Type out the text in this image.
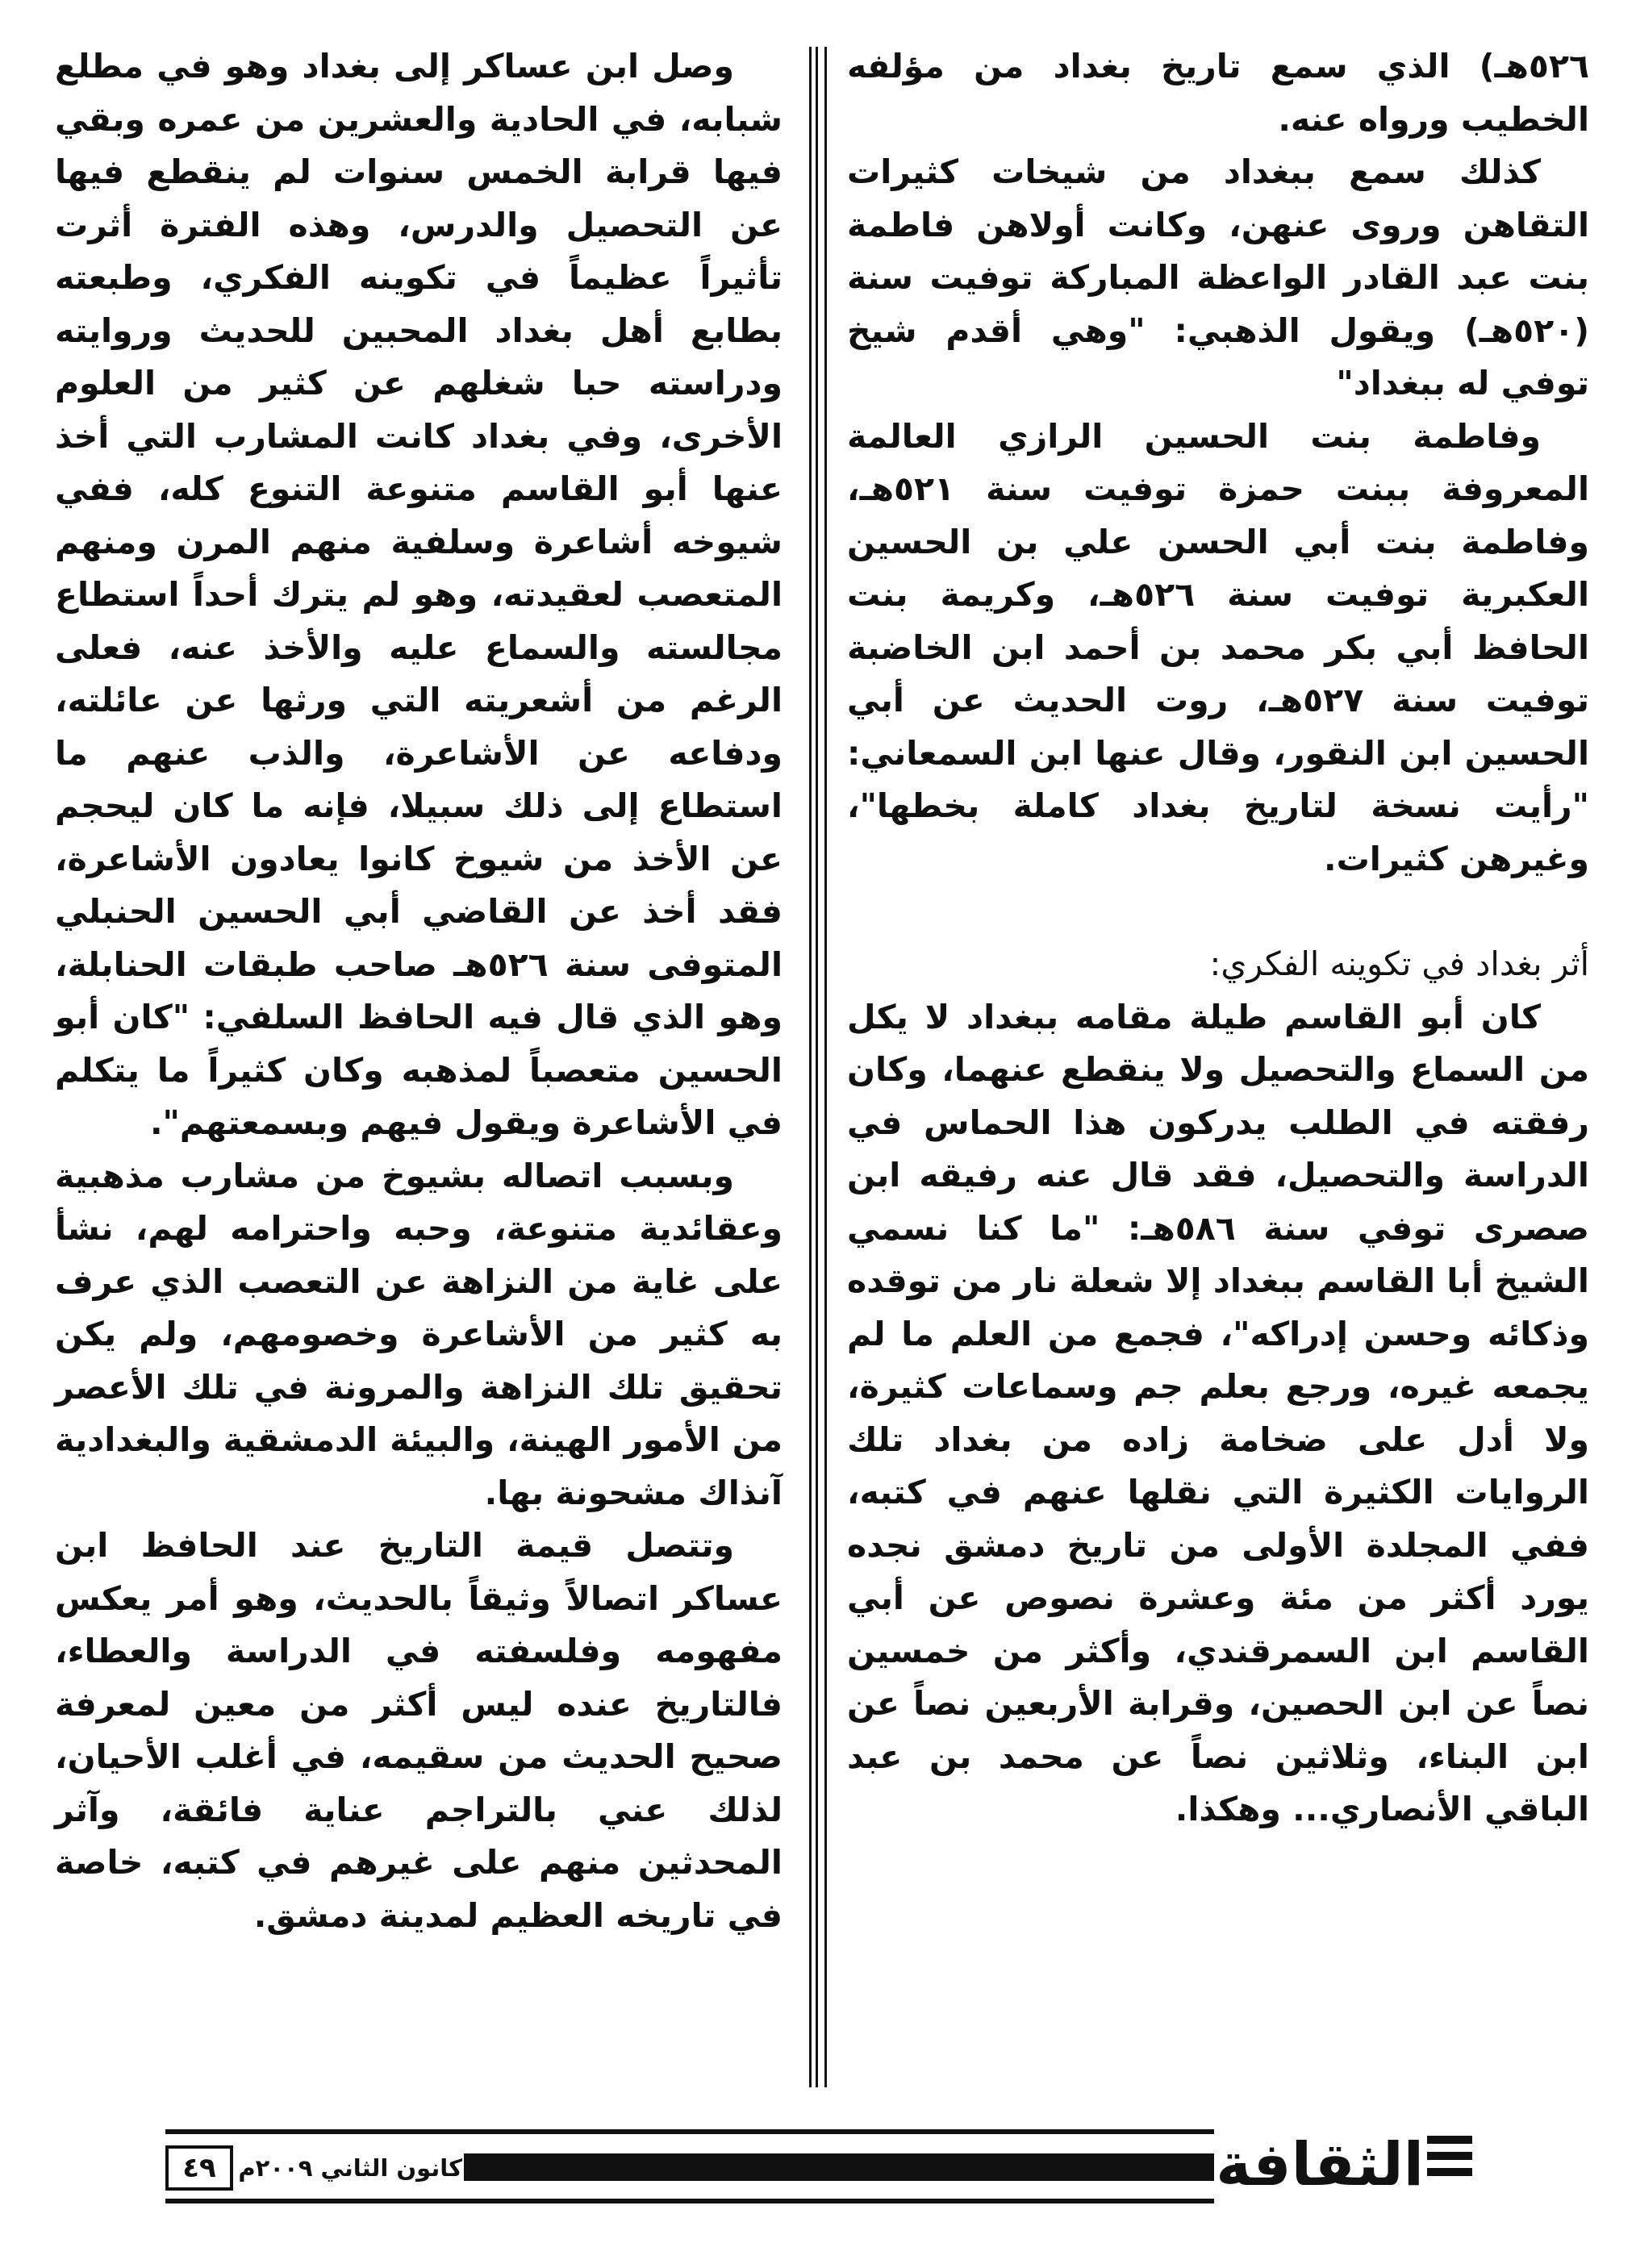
٥٢٦هـ) الذي سمع تاريخ بغداد من مؤلفه الخطيب ورواه عنه.

كذلك سمع ببغداد من شيخات كثيرات التقاهن وروى عنهن، وكانت أولاهن فاطمة بنت عبد القادر الواعظة المباركة توفيت سنة (٥٢٠هـ) ويقول الذهبي: "وهي أقدم شيخ توفي له ببغداد"

وفاطمة بنت الحسين الرازي العالمة المعروفة ببنت حمزة توفيت سنة ٥٢١هـ، وفاطمة بنت أبي الحسن علي بن الحسين العكبرية توفيت سنة ٥٢٦هـ، وكريمة بنت الحافظ أبي بكر محمد بن أحمد ابن الخاضبة توفيت سنة ٥٢٧هـ، روت الحديث عن أبي الحسين ابن النقور، وقال عنها ابن السمعاني: "رأيت نسخة لتاريخ بغداد كاملة بخطها"، وغيرهن كثيرات.

أثر بغداد في تكوينه الفكري:

كان أبو القاسم طيلة مقامه ببغداد لا يكل من السماع والتحصيل ولا ينقطع عنهما، وكان رفقته في الطلب يدركون هذا الحماس في الدراسة والتحصيل، فقد قال عنه رفيقه ابن صصرى توفي سنة ٥٨٦هـ: "ما كنا نسمي الشيخ أبا القاسم ببغداد إلا شعلة نار من توقده وذكائه وحسن إدراكه"، فجمع من العلم ما لم يجمعه غيره، ورجع بعلم جم وسماعات كثيرة، ولا أدل على ضخامة زاده من بغداد تلك الروايات الكثيرة التي نقلها عنهم في كتبه، ففي المجلدة الأولى من تاريخ دمشق نجده يورد أكثر من مئة وعشرة نصوص عن أبي القاسم ابن السمرقندي، وأكثر من خمسين نصاً عن ابن الحصين، وقرابة الأربعين نصاً عن ابن البناء، وثلاثين نصاً عن محمد بن عبد الباقي الأنصاري... وهكذا.

وصل ابن عساكر إلى بغداد وهو في مطلع شبابه، في الحادية والعشرين من عمره وبقي فيها قرابة الخمس سنوات لم ينقطع فيها عن التحصيل والدرس، وهذه الفترة أثرت تأثيراً عظيماً في تكوينه الفكري، وطبعته بطابع أهل بغداد المحبين للحديث وروايته ودراسته حبا شغلهم عن كثير من العلوم الأخرى، وفي بغداد كانت المشارب التي أخذ عنها أبو القاسم متنوعة التنوع كله، ففي شيوخه أشاعرة وسلفية منهم المرن ومنهم المتعصب لعقيدته، وهو لم يترك أحداً استطاع مجالسته والسماع عليه والأخذ عنه، فعلى الرغم من أشعريته التي ورثها عن عائلته، ودفاعه عن الأشاعرة، والذب عنهم ما استطاع إلى ذلك سبيلا، فإنه ما كان ليحجم عن الأخذ من شيوخ كانوا يعادون الأشاعرة، فقد أخذ عن القاضي أبي الحسين الحنبلي المتوفى سنة ٥٢٦هـ صاحب طبقات الحنابلة، وهو الذي قال فيه الحافظ السلفي: "كان أبو الحسين متعصباً لمذهبه وكان كثيراً ما يتكلم في الأشاعرة ويقول فيهم وبسمعتهم".

وبسبب اتصاله بشيوخ من مشارب مذهبية وعقائدية متنوعة، وحبه واحترامه لهم، نشأ على غاية من النزاهة عن التعصب الذي عرف به كثير من الأشاعرة وخصومهم، ولم يكن تحقيق تلك النزاهة والمرونة في تلك الأعصر من الأمور الهينة، والبيئة الدمشقية والبغدادية آنذاك مشحونة بها.

وتتصل قيمة التاريخ عند الحافظ ابن عساكر اتصالاً وثيقاً بالحديث، وهو أمر يعكس مفهومه وفلسفته في الدراسة والعطاء، فالتاريخ عنده ليس أكثر من معين لمعرفة صحيح الحديث من سقيمه، في أغلب الأحيان، لذلك عني بالتراجم عناية فائقة، وآثر المحدثين منهم على غيرهم في كتبه، خاصة في تاريخه العظيم لمدينة دمشق.

٤٩ كانون الثاني ٢٠٠٩م	الثقافة
